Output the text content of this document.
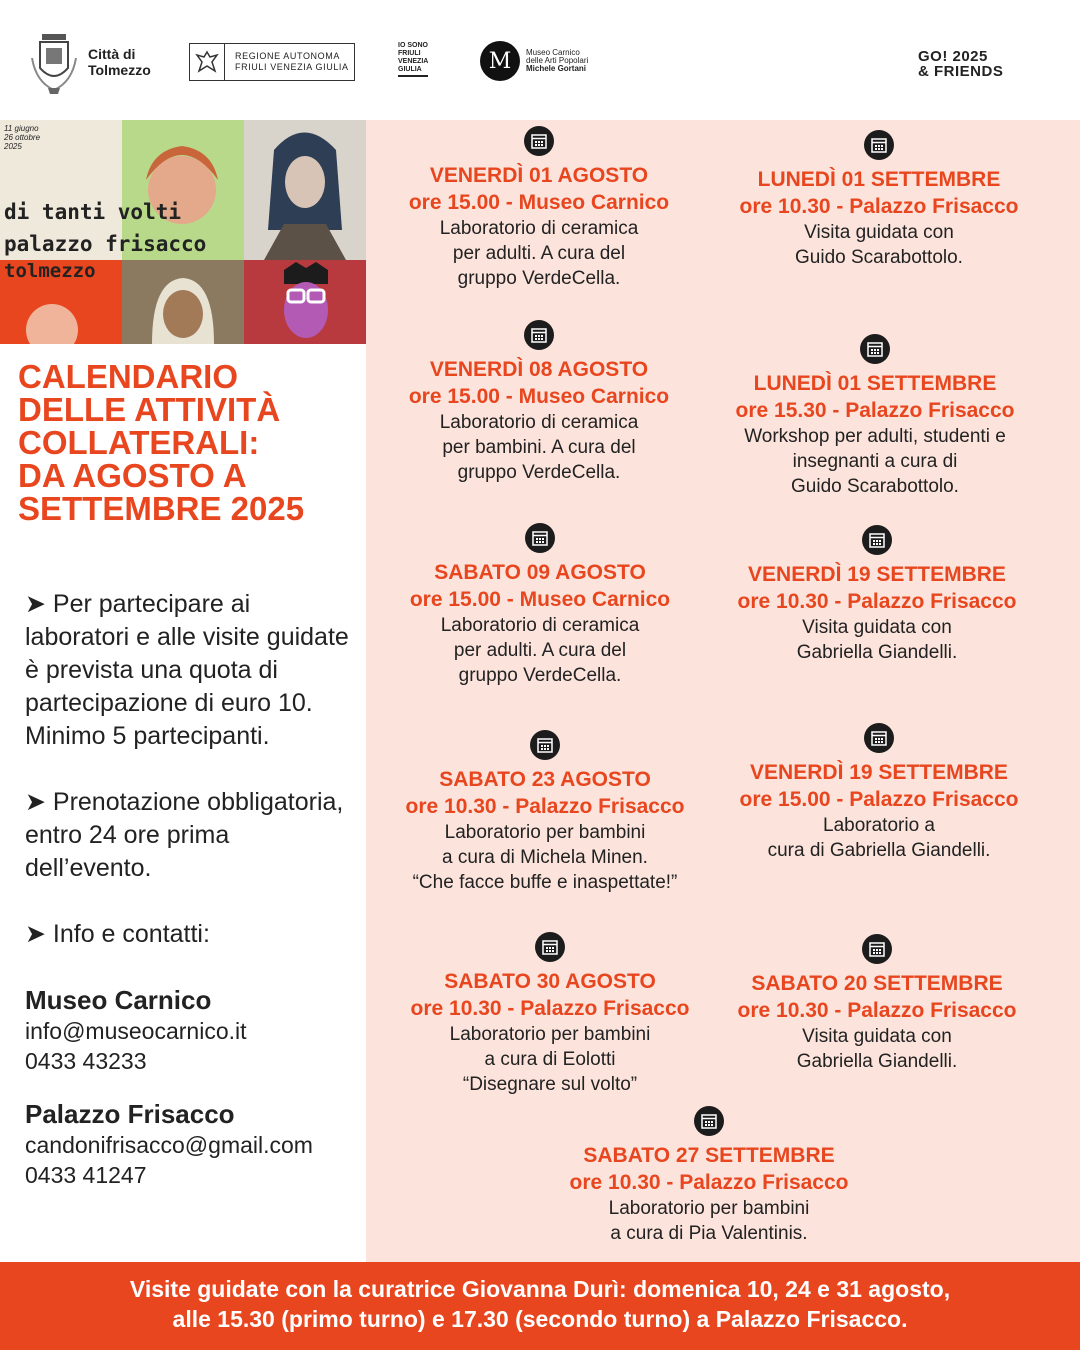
Città di
Tolmezzo
REGIONE AUTONOMA
FRIULI VENEZIA GIULIA
IO SONO
FRIULI
VENEZIA
GIULIA	M	Museo Carnico
delle Arti Popolari
Michele Gortani
GO! 2025
& FRIENDS
11 giugno
26 ottobre
2025
di tanti volti
palazzo frisacco
tolmezzo
CALENDARIO
DELLE ATTIVITÀ
COLLATERALI:
DA AGOSTO A
SETTEMBRE 2025

➤ Per partecipare ai laboratori e alle visite guidate è prevista una quota di partecipazione di euro 10. Minimo 5 partecipanti.

➤ Prenotazione obbligatoria, entro 24 ore prima dell’evento.

➤ Info e contatti:

Museo Carnico
info@museocarnico.it
0433 43233
Palazzo Frisacco
candonifrisacco@gmail.com
0433 41247
VENERDÌ 01 AGOSTO
ore 15.00 - Museo Carnico
Laboratorio di ceramica
per adulti. A cura del
gruppo VerdeCella.
LUNEDÌ 01 SETTEMBRE
ore 10.30 - Palazzo Frisacco
Visita guidata con
Guido Scarabottolo.
VENERDÌ 08 AGOSTO
ore 15.00 - Museo Carnico
Laboratorio di ceramica
per bambini. A cura del
gruppo VerdeCella.
LUNEDÌ 01 SETTEMBRE
ore 15.30 - Palazzo Frisacco
Workshop per adulti, studenti e
insegnanti a cura di
Guido Scarabottolo.
SABATO 09 AGOSTO
ore 15.00 - Museo Carnico
Laboratorio di ceramica
per adulti. A cura del
gruppo VerdeCella.
VENERDÌ 19 SETTEMBRE
ore 10.30 - Palazzo Frisacco
Visita guidata con
Gabriella Giandelli.
SABATO 23 AGOSTO
ore 10.30 - Palazzo Frisacco
Laboratorio per bambini
a cura di Michela Minen.
“Che facce buffe e inaspettate!”
VENERDÌ 19 SETTEMBRE
ore 15.00 - Palazzo Frisacco
Laboratorio a
cura di Gabriella Giandelli.
SABATO 30 AGOSTO
ore 10.30 - Palazzo Frisacco
Laboratorio per bambini
a cura di Eolotti
“Disegnare sul volto”
SABATO 20 SETTEMBRE
ore 10.30 - Palazzo Frisacco
Visita guidata con
Gabriella Giandelli.
SABATO 27 SETTEMBRE
ore 10.30 - Palazzo Frisacco
Laboratorio per bambini
a cura di Pia Valentinis.
Visite guidate con la curatrice Giovanna Durì: domenica 10, 24 e 31 agosto,
alle 15.30 (primo turno) e 17.30 (secondo turno) a Palazzo Frisacco.
